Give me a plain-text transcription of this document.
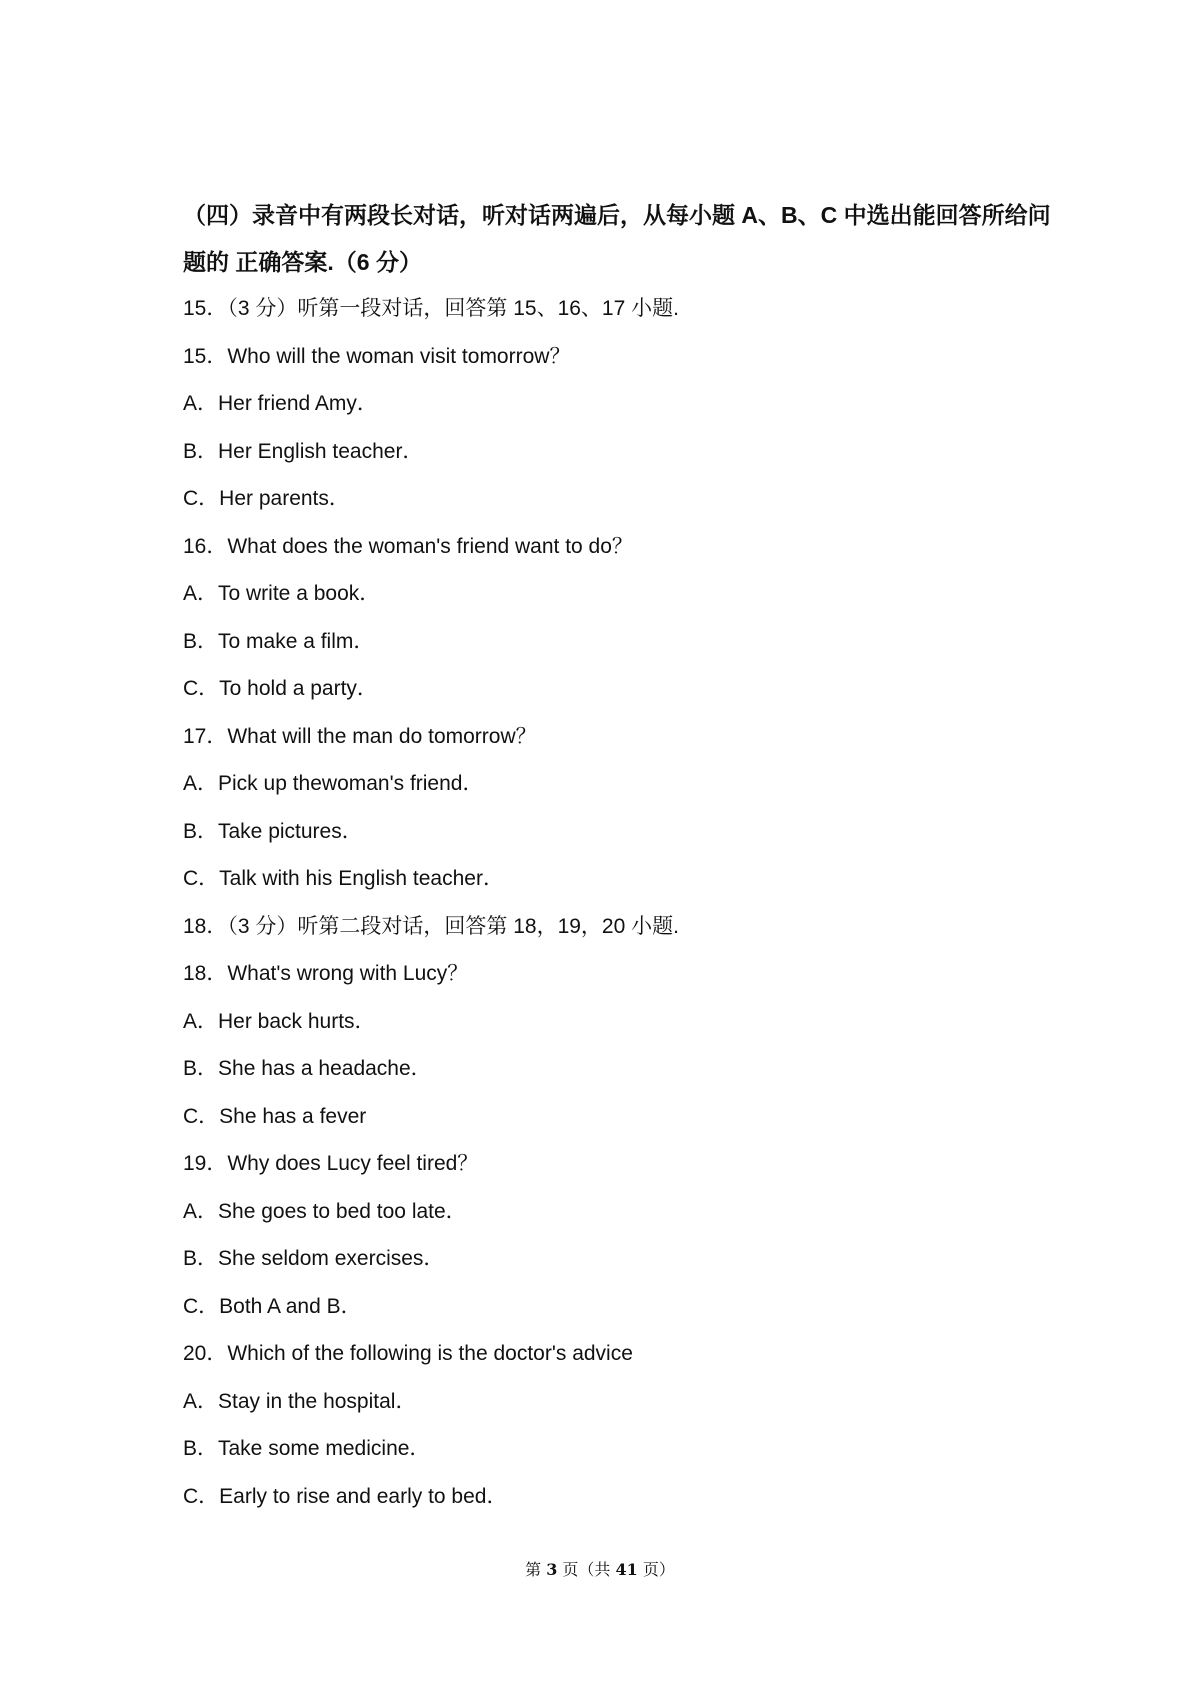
（四）录音中有两段长对话，听对话两遍后，从每小题 A、B、C 中选出能回答所给问题的 正确答案.（6 分）
15．（3 分）听第一段对话，回答第 15、16、17 小题.
15．Who will the woman visit tomorrow？
A．Her friend Amy．
B．Her English teacher．
C．Her parents．
16．What does the woman's friend want to do？
A．To write a book．
B．To make a film．
C．To hold a party．
17．What will the man do tomorrow？
A．Pick up thewoman's friend．
B．Take pictures．
C．Talk with his English teacher．
18．（3 分）听第二段对话，回答第 18，19，20 小题.
18．What's wrong with Lucy？
A．Her back hurts．
B．She has a headache．
C．She has a fever
19．Why does Lucy feel tired？
A．She goes to bed too late．
B．She seldom exercises．
C．Both A and B．
20．Which of the following is the doctor's advice
A．Stay in the hospital．
B．Take some medicine．
C．Early to rise and early to bed．
第 3 页（共 41 页）
